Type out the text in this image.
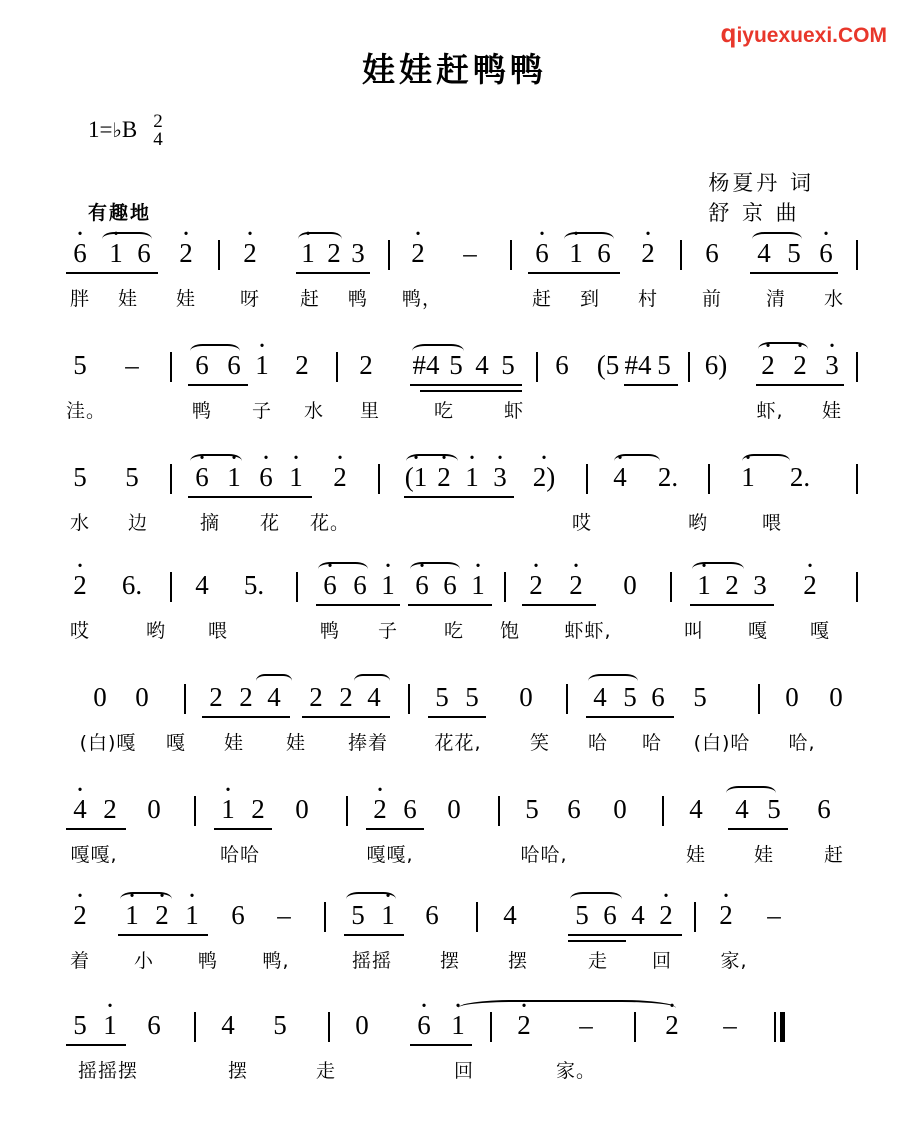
qiyuexuexi.COM
娃娃赶鸭鸭
1= ♭ B 2
4
杨夏丹 词
舒 京 曲
有趣地
· 6 · 1 6 · 2 · 2 · 1 2 3 · 2 – · 6 · 1 6 · 2 6 4 5 · 6
胖 娃 娃 呀 赶 鸭 鸭，	赶 到 村 前 清 水
5 – 6 6 · 1 2 2 #4 5 4 5 6 (5 #4 5 6) · 2 · 2 · 3
洼。	鸭 子 水 里	吃	虾	虾, 娃
5 5 · 6 · 1 · 6 · 1 · 2 · (1 · 2 · 1 · 3 · 2) · 4 2. · 1 2.
水 边	摘 花 花。	哎	哟	喂
· 2 6. 4 5. · 6 6 · 1 · 6 6 · 1 · 2 · 2 0 · 1 2 3 · 2
哎	哟 喂	鸭 子 吃 饱 虾虾,	叫 嘎 嘎
0 0 2 2 4 2 2 4 5 5 0 4 5 6 5	0 0
(白)嘎 嘎 娃 娃 捧着 花花,	笑 哈 哈 (白)哈 哈,
· 4 2 0 · 1 2 0 · 2 6 0 5 6 0 4 4 5 6
嘎嘎,	哈哈	嘎嘎,	哈哈,	娃	娃	赶
· 2 · 1 · 2 · 1 6 – 5 · 1 6 4 5 6 4 · 2 · 2 –
着 小 鸭 鸭,	摇摇	摆	摆	走 回	家,
5 · 1 6 4 5	0 · 6 · 1 · 2 –	· 2 –
摇摇摆	摆	走	回	家。
